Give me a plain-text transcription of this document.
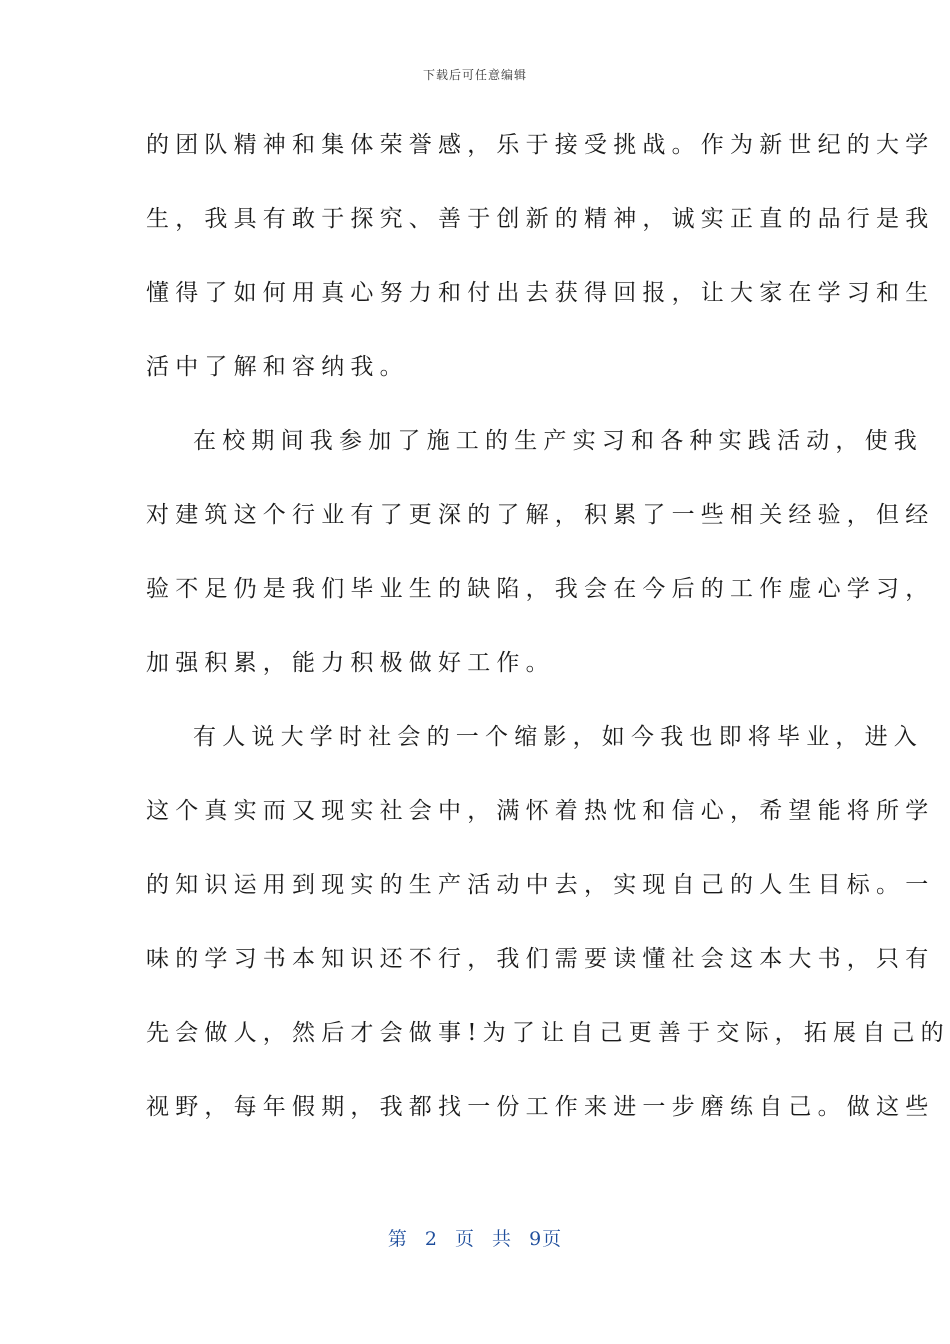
下载后可任意编辑
的团队精神和集体荣誉感，乐于接受挑战。作为新世纪的大学
生，我具有敢于探究、善于创新的精神，诚实正直的品行是我
懂得了如何用真心努力和付出去获得回报，让大家在学习和生
活中了解和容纳我。
在校期间我参加了施工的生产实习和各种实践活动，使我
对建筑这个行业有了更深的了解，积累了一些相关经验，但经
验不足仍是我们毕业生的缺陷，我会在今后的工作虚心学习，
加强积累，能力积极做好工作。
有人说大学时社会的一个缩影，如今我也即将毕业，进入
这个真实而又现实社会中，满怀着热忱和信心，希望能将所学
的知识运用到现实的生产活动中去，实现自己的人生目标。一
味的学习书本知识还不行，我们需要读懂社会这本大书，只有
先会做人，然后才会做事!为了让自己更善于交际，拓展自己的
视野，每年假期，我都找一份工作来进一步磨练自己。做这些
第 2 页 共 9页
